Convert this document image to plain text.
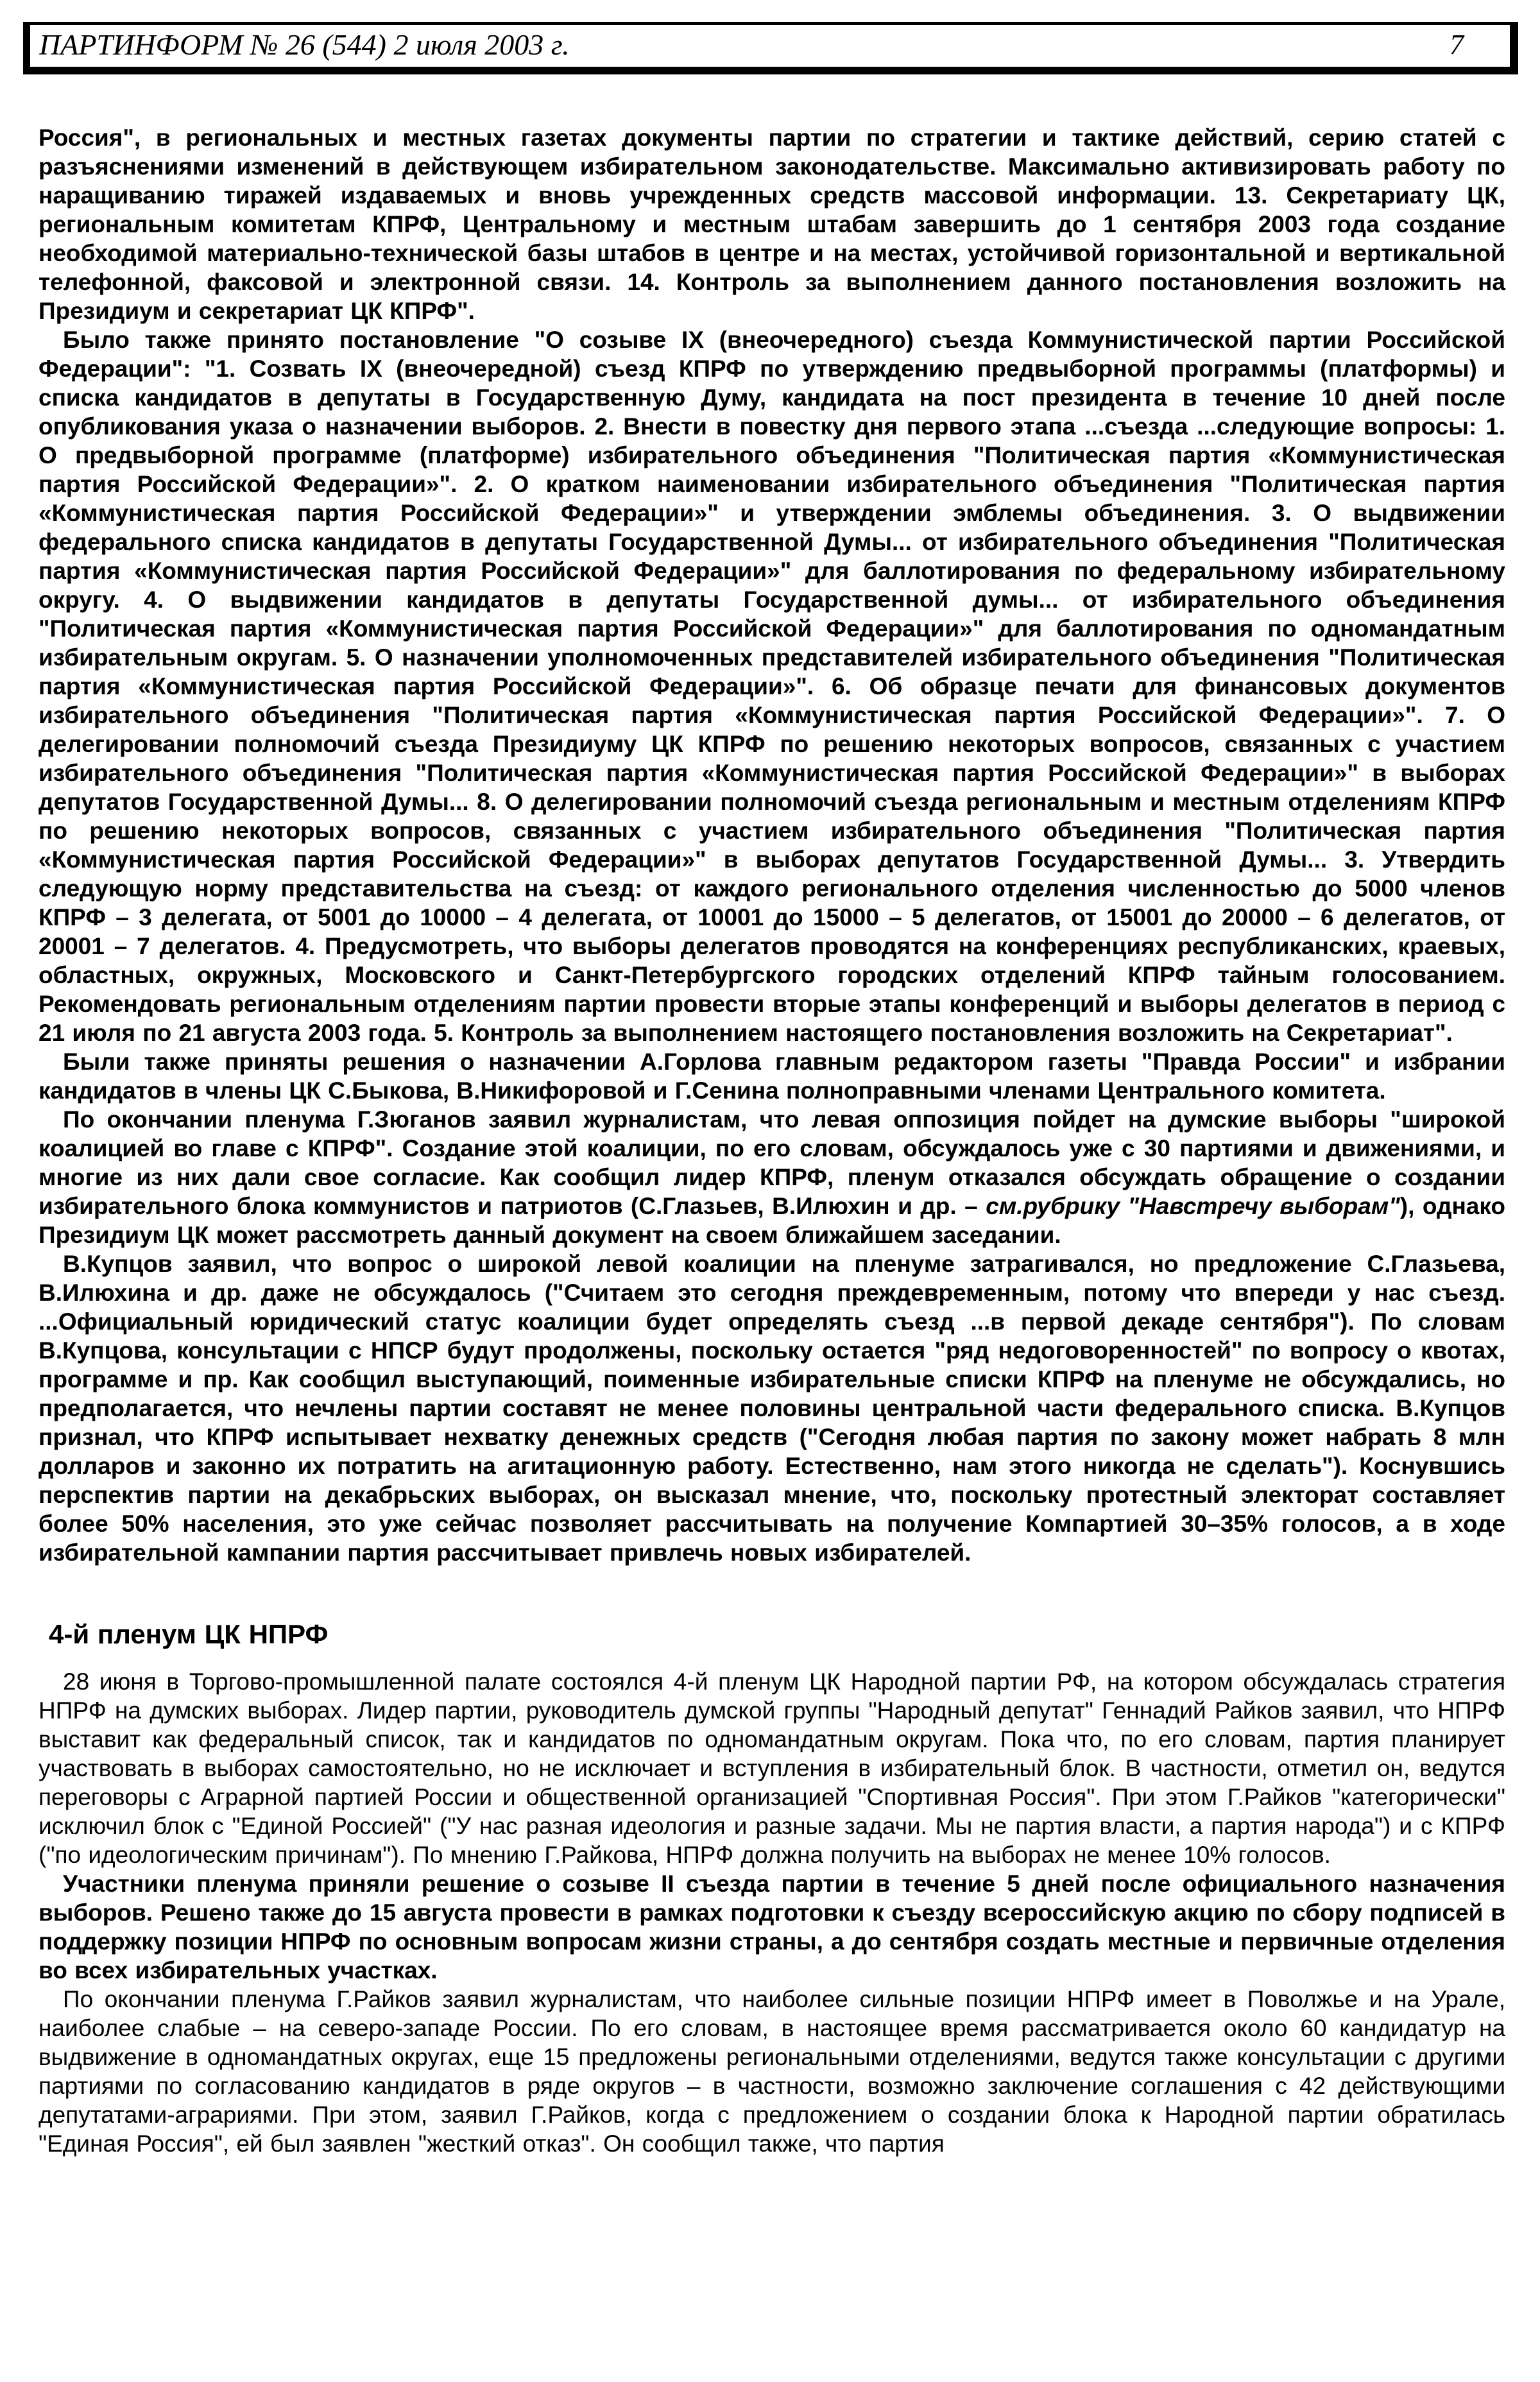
ПАРТИНФОРМ № 26 (544) 2 июля 2003 г.	7

Россия", в региональных и местных газетах документы партии по стратегии и тактике действий, серию статей с разъяснениями изменений в действующем избирательном законодательстве. Максимально активизировать работу по наращиванию тиражей издаваемых и вновь учрежденных средств массовой информации. 13. Секретариату ЦК, региональным комитетам КПРФ, Центральному и местным штабам завершить до 1 сентября 2003 года создание необходимой материально-технической базы штабов в центре и на местах, устойчивой горизонтальной и вертикальной телефонной, факсовой и электронной связи. 14. Контроль за выполнением данного постановления возложить на Президиум и секретариат ЦК КПРФ".

Было также принято постановление "О созыве IX (внеочередного) съезда Коммунистической партии Российской Федерации": "1. Созвать IX (внеочередной) съезд КПРФ по утверждению предвыборной программы (платформы) и списка кандидатов в депутаты в Государственную Думу, кандидата на пост президента в течение 10 дней после опубликования указа о назначении выборов. 2. Внести в повестку дня первого этапа ...съезда ...следующие вопросы: 1. О предвыборной программе (платформе) избирательного объединения "Политическая партия «Коммунистическая партия Российской Федерации»". 2. О кратком наименовании избирательного объединения "Политическая партия «Коммунистическая партия Российской Федерации»" и утверждении эмблемы объединения. 3. О выдвижении федерального списка кандидатов в депутаты Государственной Думы... от избирательного объединения "Политическая партия «Коммунистическая партия Российской Федерации»" для баллотирования по федеральному избирательному округу. 4. О выдвижении кандидатов в депутаты Государственной думы... от избирательного объединения "Политическая партия «Коммунистическая партия Российской Федерации»" для баллотирования по одномандатным избирательным округам. 5. О назначении уполномоченных представителей избирательного объединения "Политическая партия «Коммунистическая партия Российской Федерации»". 6. Об образце печати для финансовых документов избирательного объединения "Политическая партия «Коммунистическая партия Российской Федерации»". 7. О делегировании полномочий съезда Президиуму ЦК КПРФ по решению некоторых вопросов, связанных с участием избирательного объединения "Политическая партия «Коммунистическая партия Российской Федерации»" в выборах депутатов Государственной Думы... 8. О делегировании полномочий съезда региональным и местным отделениям КПРФ по решению некоторых вопросов, связанных с участием избирательного объединения "Политическая партия «Коммунистическая партия Российской Федерации»" в выборах депутатов Государственной Думы... 3. Утвердить следующую норму представительства на съезд: от каждого регионального отделения численностью до 5000 членов КПРФ – 3 делегата, от 5001 до 10000 – 4 делегата, от 10001 до 15000 – 5 делегатов, от 15001 до 20000 – 6 делегатов, от 20001 – 7 делегатов. 4. Предусмотреть, что выборы делегатов проводятся на конференциях республиканских, краевых, областных, окружных, Московского и Санкт-Петербургского городских отделений КПРФ тайным голосованием. Рекомендовать региональным отделениям партии провести вторые этапы конференций и выборы делегатов в период с 21 июля по 21 августа 2003 года. 5. Контроль за выполнением настоящего постановления возложить на Секретариат".

Были также приняты решения о назначении А.Горлова главным редактором газеты "Правда России" и избрании кандидатов в члены ЦК С.Быкова, В.Никифоровой и Г.Сенина полноправными членами Центрального комитета.

По окончании пленума Г.Зюганов заявил журналистам, что левая оппозиция пойдет на думские выборы "широкой коалицией во главе с КПРФ". Создание этой коалиции, по его словам, обсуждалось уже с 30 партиями и движениями, и многие из них дали свое согласие. Как сообщил лидер КПРФ, пленум отказался обсуждать обращение о создании избирательного блока коммунистов и патриотов (С.Глазьев, В.Илюхин и др. – см.рубрику "Навстречу выборам"), однако Президиум ЦК может рассмотреть данный документ на своем ближайшем заседании.

В.Купцов заявил, что вопрос о широкой левой коалиции на пленуме затрагивался, но предложение С.Глазьева, В.Илюхина и др. даже не обсуждалось ("Считаем это сегодня преждевременным, потому что впереди у нас съезд. ...Официальный юридический статус коалиции будет определять съезд ...в первой декаде сентября"). По словам В.Купцова, консультации с НПСР будут продолжены, поскольку остается "ряд недоговоренностей" по вопросу о квотах, программе и пр. Как сообщил выступающий, поименные избирательные списки КПРФ на пленуме не обсуждались, но предполагается, что нечлены партии составят не менее половины центральной части федерального списка. В.Купцов признал, что КПРФ испытывает нехватку денежных средств ("Сегодня любая партия по закону может набрать 8 млн долларов и законно их потратить на агитационную работу. Естественно, нам этого никогда не сделать"). Коснувшись перспектив партии на декабрьских выборах, он высказал мнение, что, поскольку протестный электорат составляет более 50% населения, это уже сейчас позволяет рассчитывать на получение Компартией 30–35% голосов, а в ходе избирательной кампании партия рассчитывает привлечь новых избирателей.

4-й пленум ЦК НПРФ

28 июня в Торгово-промышленной палате состоялся 4-й пленум ЦК Народной партии РФ, на котором обсуждалась стратегия НПРФ на думских выборах. Лидер партии, руководитель думской группы "Народный депутат" Геннадий Райков заявил, что НПРФ выставит как федеральный список, так и кандидатов по одномандатным округам. Пока что, по его словам, партия планирует участвовать в выборах самостоятельно, но не исключает и вступления в избирательный блок. В частности, отметил он, ведутся переговоры с Аграрной партией России и общественной организацией "Спортивная Россия". При этом Г.Райков "категорически" исключил блок с "Единой Россией" ("У нас разная идеология и разные задачи. Мы не партия власти, а партия народа") и с КПРФ ("по идеологическим причинам"). По мнению Г.Райкова, НПРФ должна получить на выборах не менее 10% голосов.

Участники пленума приняли решение о созыве II съезда партии в течение 5 дней после официального назначения выборов. Решено также до 15 августа провести в рамках подготовки к съезду всероссийскую акцию по сбору подписей в поддержку позиции НПРФ по основным вопросам жизни страны, а до сентября создать местные и первичные отделения во всех избирательных участках.

По окончании пленума Г.Райков заявил журналистам, что наиболее сильные позиции НПРФ имеет в Поволжье и на Урале, наиболее слабые – на северо-западе России. По его словам, в настоящее время рассматривается около 60 кандидатур на выдвижение в одномандатных округах, еще 15 предложены региональными отделениями, ведутся также консультации с другими партиями по согласованию кандидатов в ряде округов – в частности, возможно заключение соглашения с 42 действующими депутатами-аграриями. При этом, заявил Г.Райков, когда с предложением о создании блока к Народной партии обратилась "Единая Россия", ей был заявлен "жесткий отказ". Он сообщил также, что партия
